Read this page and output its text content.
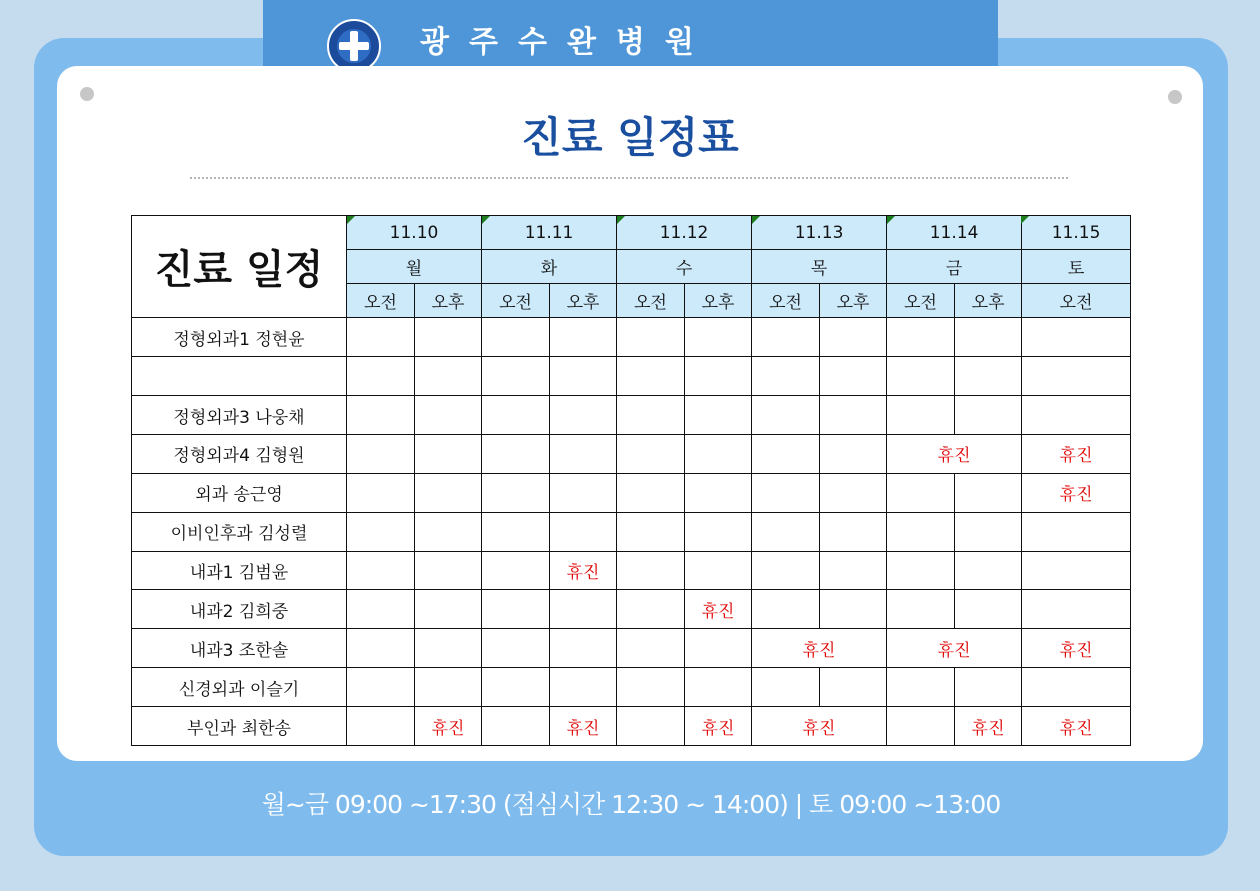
광주수완병원
진료 일정표
진료 일정	11.10		11.11		11.12		11.13		11.14		11.15
	월		화		수		목		금		토
	오전	오후	오전	오후	오전	오후	오전	오후	오전	오후	오전
정형외과1 정현윤											

정형외과3 나웅채											
정형외과4 김형원									휴진		휴진
외과 송근영											휴진
이비인후과 김성렬											
내과1 김범윤				휴진							
내과2 김희중						휴진					
내과3 조한솔							휴진		휴진		휴진
신경외과 이슬기											
부인과 최한송		휴진		휴진		휴진	휴진			휴진	휴진
월~금 09:00 ~17:30 (점심시간 12:30 ~ 14:00) | 토 09:00 ~13:00
